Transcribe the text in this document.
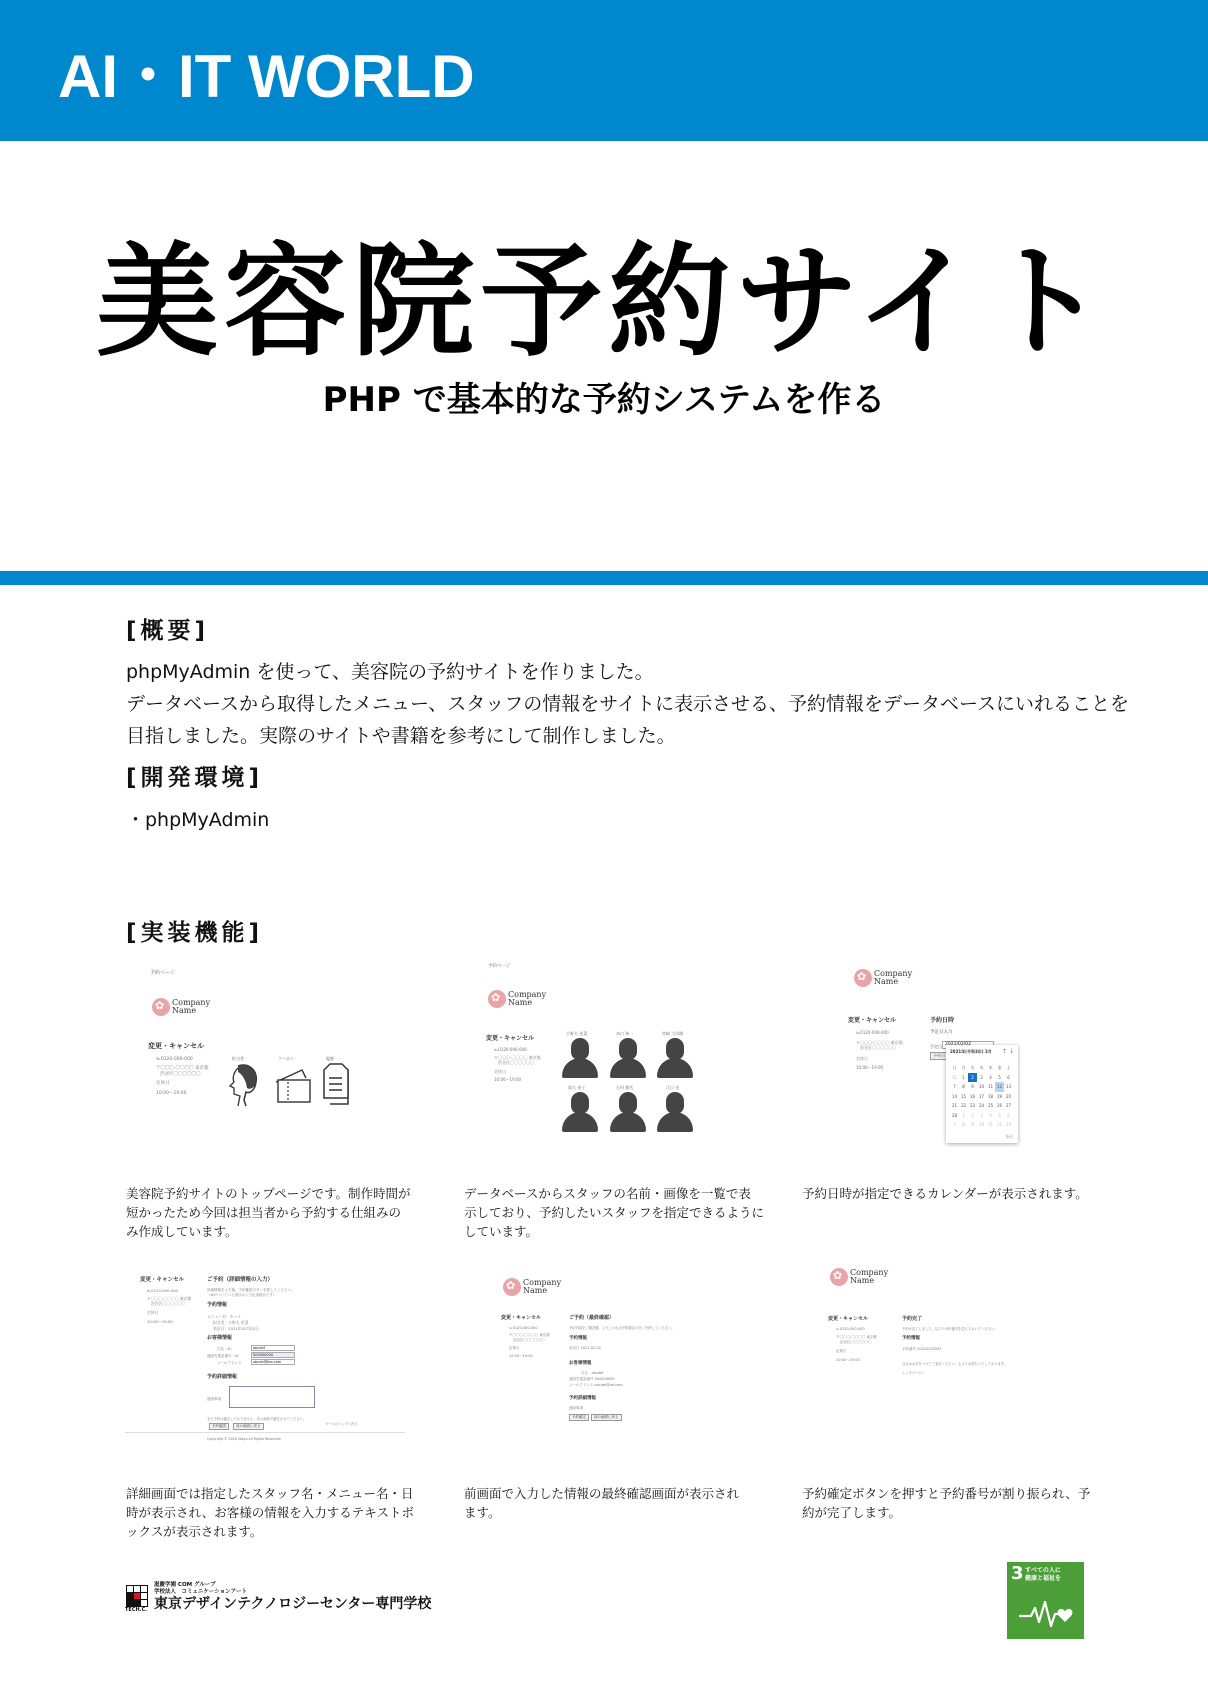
AI・IT WORLD
美容院予約サイト
PHP で基本的な予約システムを作る
[概要]
phpMyAdmin を使って、美容院の予約サイトを作りました。
データベースから取得したメニュー、スタッフの情報をサイトに表示させる、予約情報をデータベースにいれることを
目指しました。実際のサイトや書籍を参考にして制作しました。
[開発環境]
・phpMyAdmin
[実装機能]
予約ページ
✿
Company
Name
変更・キャンセル
℡0120-000-000
〒〇〇〇-〇〇〇〇 東京都
渋谷区〇〇〇〇〇〇
定休日
10:00〜19:00
担当者	クーポン	履歴
予約ページ
✿
Company
Name
変更・キャンセル
℡0120-000-000
〒〇〇〇-〇〇〇〇 東京都
渋谷区〇〇〇〇〇〇
定休日
10:00〜19:00
小野夫 花菜	木口 和一	宮崎 大河朗
加久 遥子	石村 雅代	江口 光
✿
Company
Name
変更・キャンセル
℡0120-000-000
〒〇〇〇-〇〇〇〇 東京都
渋谷区〇〇〇〇〇〇
定休日
10:00〜19:00
予約日時
予定日入力
予定日
予約日
2021年(令和3年) 2月 ↑ ↓
日	月	火	水	木	金	土
31	1	2	3	4	5	6
7	8	9	10 11 12 13
14 15 16 17 18 19 20
21 22 23 24 25 26 27
28	1	2	3	4	5	6
7	8	9	10 11 12 13
今日
美容院予約サイトのトップページです。制作時間が
短かったため今回は担当者から予約する仕組みの
み作成しています。
データベースからスタッフの名前・画像を一覧で表
示しており、予約したいスタッフを指定できるように
しています。
予約日時が指定できるカレンダーが表示されます。
変更・キャンセル
℡0120-000-000
〒〇〇〇-〇〇〇〇 東京都
渋谷区〇〇〇〇〇〇
定休日
10:00〜19:00
ご予約（詳細情報の入力）
詳細情報を入力後、予約確認ボタンを押してください。
（※がついている項目は入力必須項目です）
予約情報
メニュー名：カット
担当者：小野夫 花菜
来店日：2021年02月02日
お客様情報
氏名（※）	abcdef
連絡先電話番号（※）	000000000
メールアドレス	abcdef@aa.com
予約詳細情報
連絡事項
まだ予約は確定しておりません。次の画面で確定させてください。
予約確認	前の画面に戻る	ページのトップへ戻る
Copyright © 2020 Jikkyo All Rights Reserved.
✿
Company
Name
変更・キャンセル
℡0120-000-000
〒〇〇〇-〇〇〇〇 東京都
渋谷区〇〇〇〇〇〇
定休日
10:00〜19:00
ご予約（最終確認）
予約内容をご確認後、よろしければ予約確定ボタンを押してください。
予約情報
来店日 2021-02-02
お客様情報
氏名　abcdef
連絡先電話番号 000000000
メールアドレス abcdef@aa.com
予約詳細情報
連絡事項
予約確定	前の画面に戻る
✿
Company
Name
変更・キャンセル
℡0120-000-000
〒〇〇〇-〇〇〇〇 東京都
渋谷区〇〇〇〇〇〇
定休日
10:00〜19:00
予約完了
予約が完了しました。以下の予約番号を控えておいてください。
予約情報
予約番号 20210202001
当日はお気をつけてご来店ください。心よりお待ちいたしております。
トップページへ
詳細画面では指定したスタッフ名・メニュー名・日
時が表示され、お客様の情報を入力するテキストボ
ックスが表示されます。
前画面で入力した情報の最終確認画面が表示され
ます。
予約確定ボタンを押すと予約番号が割り振られ、予
約が完了します。
TECH.C.
滋慶学園 COM グループ
学校法人　コミュニケーションアート
東京デザインテクノロジーセンター専門学校
3 すべての人に
健康と福祉を
